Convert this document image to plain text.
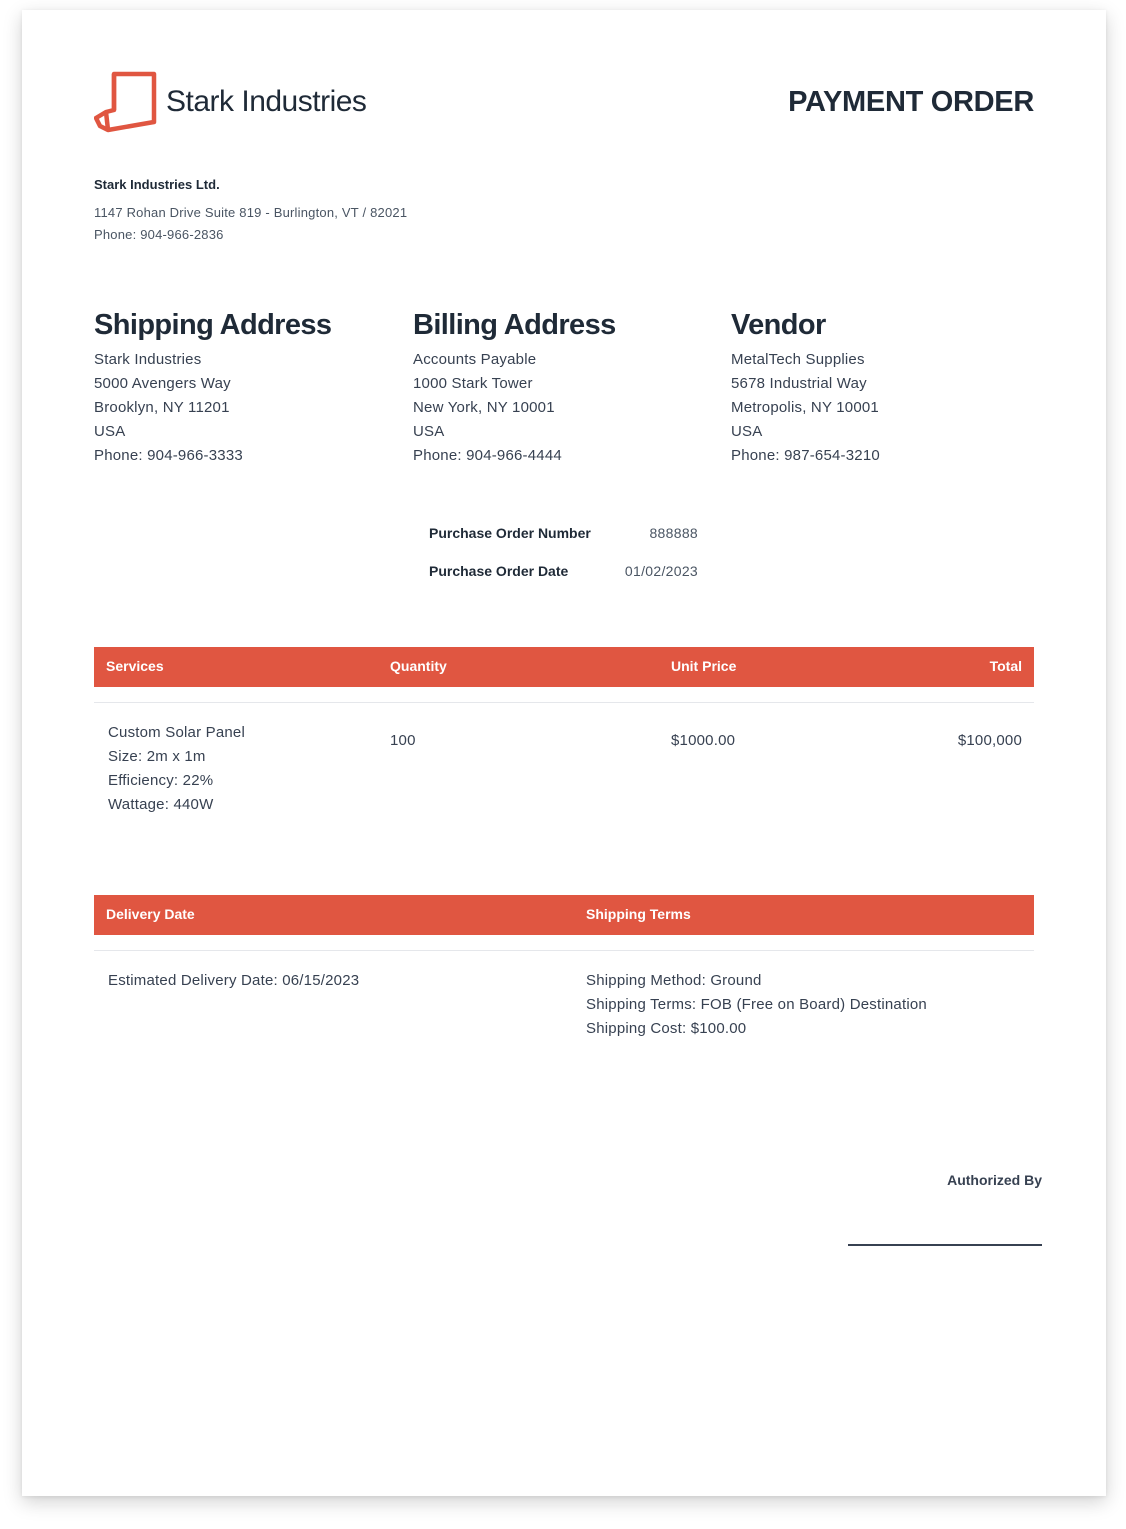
Stark Industries	PAYMENT ORDER
Stark Industries Ltd.
1147 Rohan Drive Suite 819 - Burlington, VT / 82021
Phone: 904-966-2836
Shipping Address
Stark Industries
5000 Avengers Way
Brooklyn, NY 11201
USA
Phone: 904-966-3333
Billing Address
Accounts Payable
1000 Stark Tower
New York, NY 10001
USA
Phone: 904-966-4444
Vendor
MetalTech Supplies
5678 Industrial Way
Metropolis, NY 10001
USA
Phone: 987-654-3210
Purchase Order Number	888888
Purchase Order Date	01/02/2023
Services	Quantity	Unit Price	Total
Custom Solar Panel
Size: 2m x 1m
Efficiency: 22%
Wattage: 440W
100	$1000.00	$100,000
Delivery Date	Shipping Terms
Estimated Delivery Date: 06/15/2023	Shipping Method: Ground
Shipping Terms: FOB (Free on Board) Destination
Shipping Cost: $100.00
Authorized By
